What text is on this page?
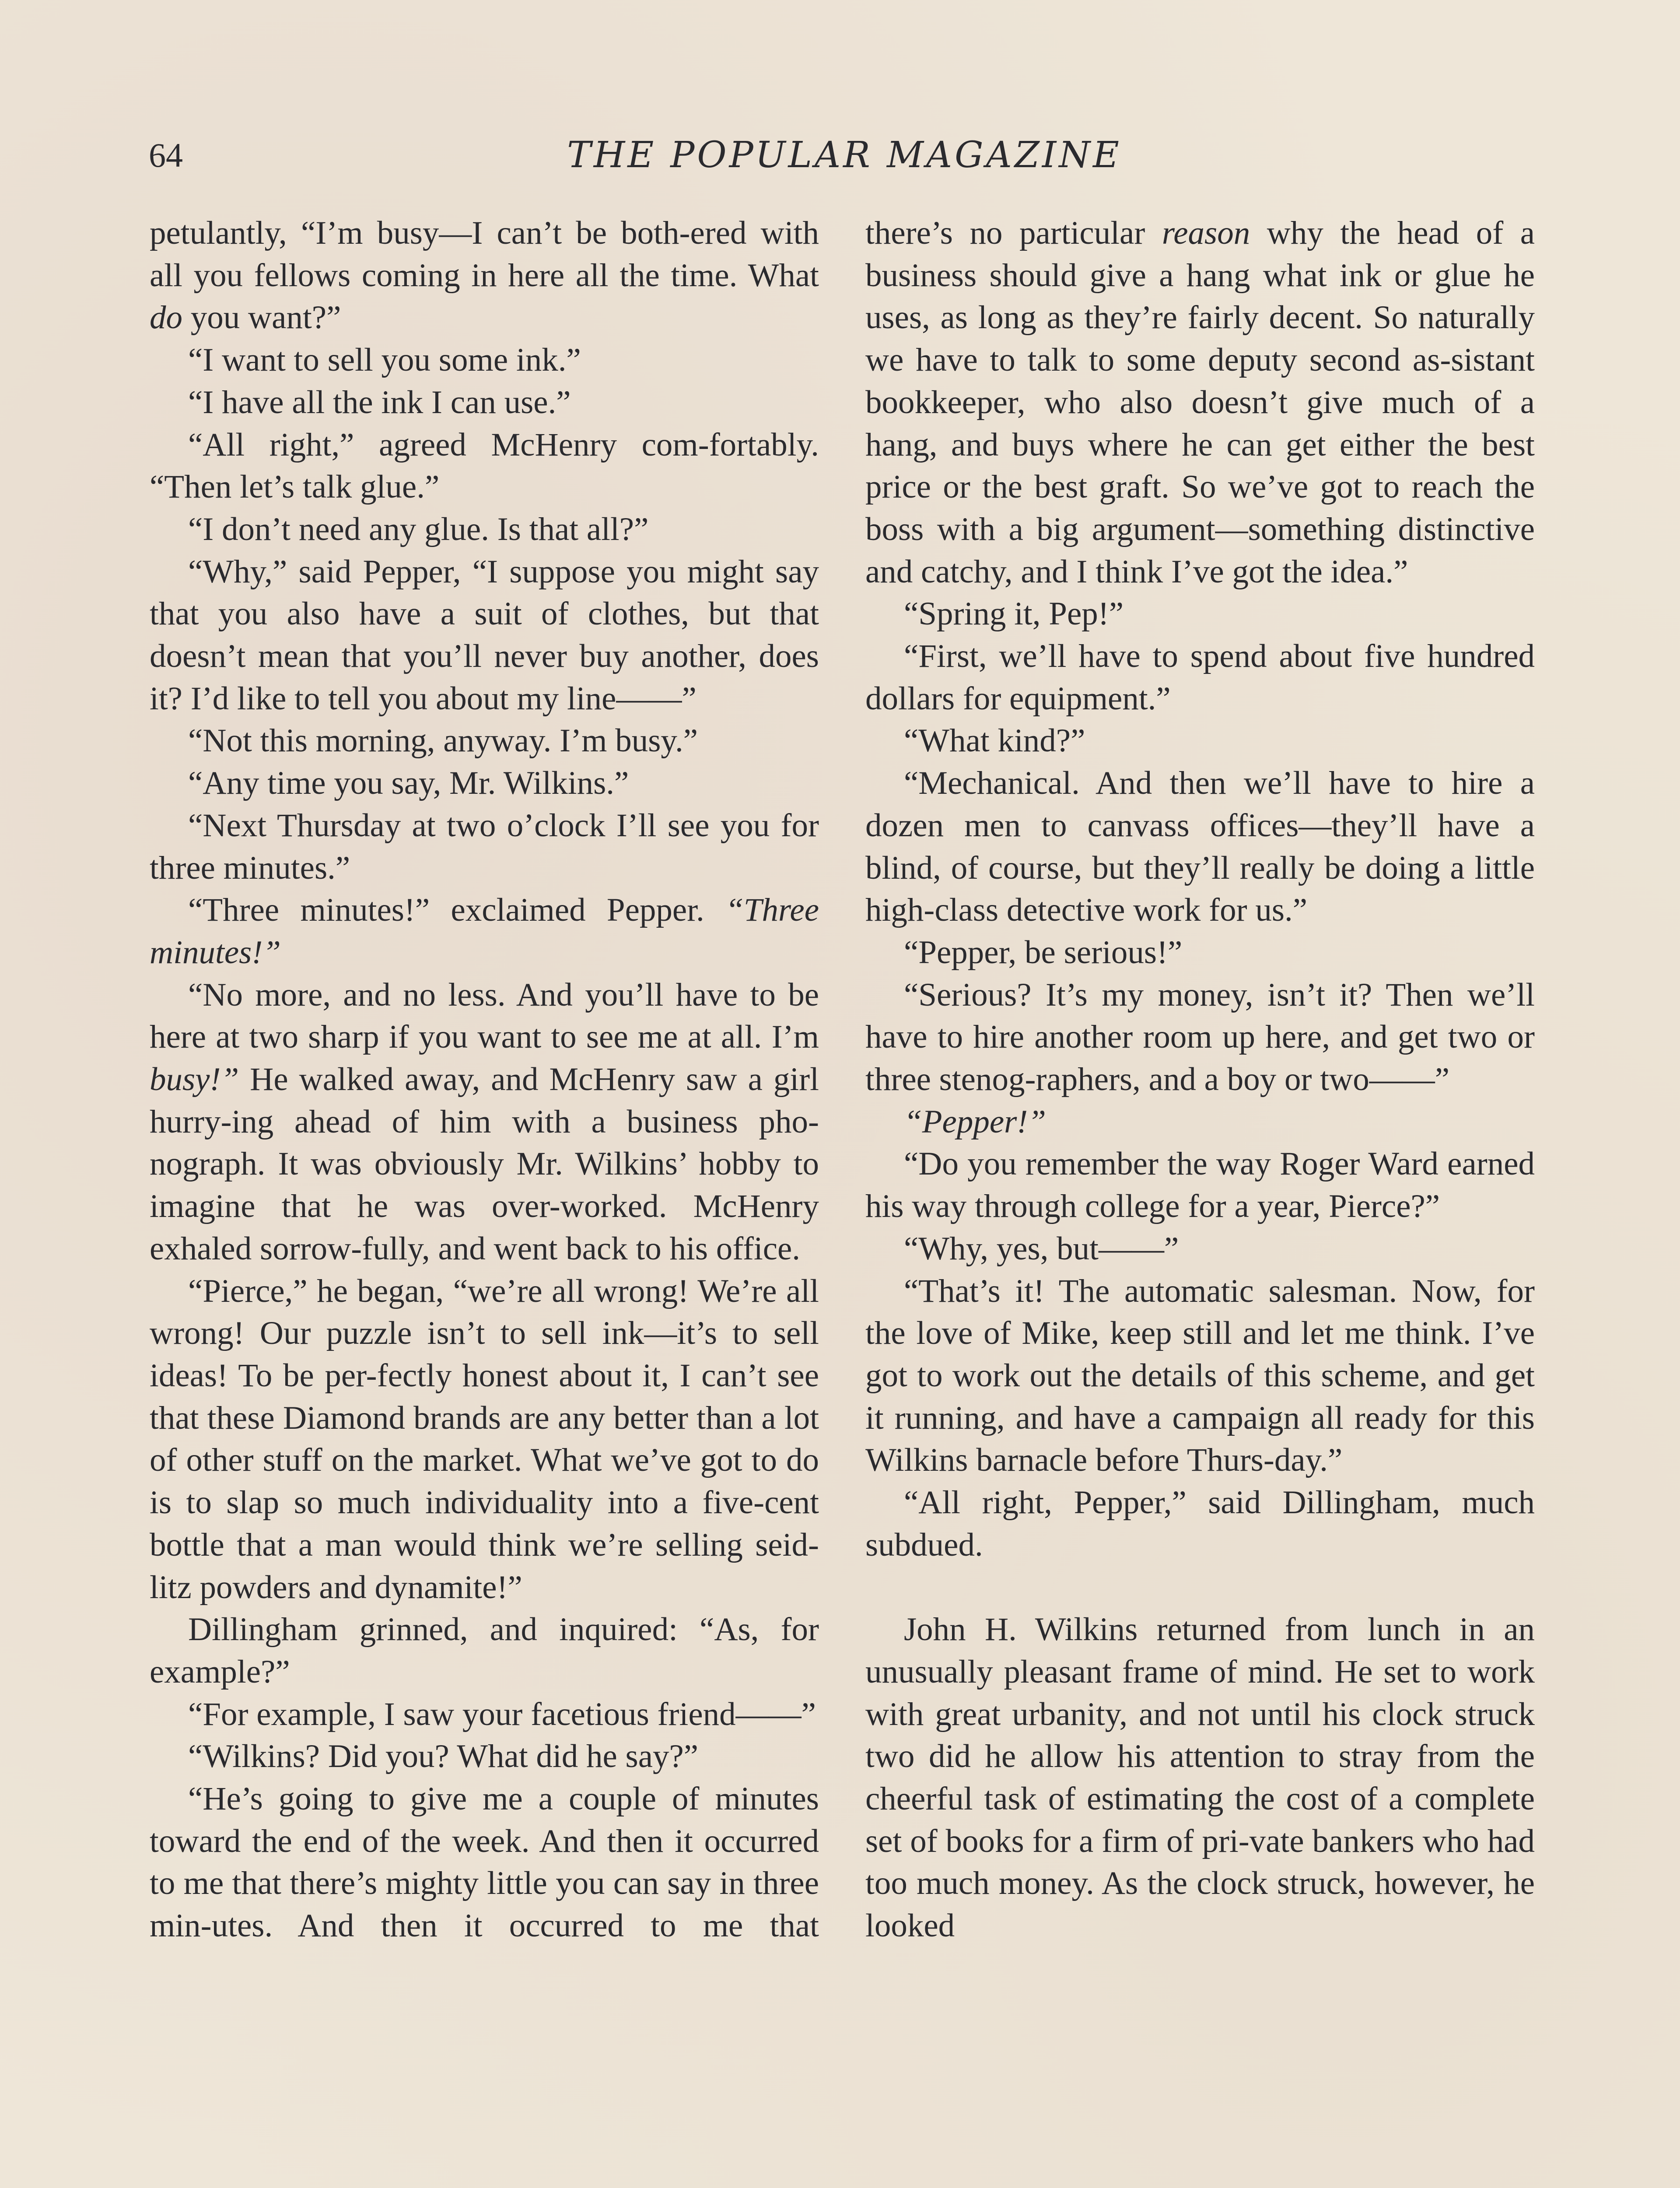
64	THE POPULAR MAGAZINE

petulantly, “I’m busy—I can’t be both-ered with all you fellows coming in here all the time. What do you want?”

“I want to sell you some ink.”

“I have all the ink I can use.”

“All right,” agreed McHenry com-fortably. “Then let’s talk glue.”

“I don’t need any glue. Is that all?”

“Why,” said Pepper, “I suppose you might say that you also have a suit of clothes, but that doesn’t mean that you’ll never buy another, does it? I’d like to tell you about my line——”

“Not this morning, anyway. I’m busy.”

“Any time you say, Mr. Wilkins.”

“Next Thursday at two o’clock I’ll see you for three minutes.”

“Three minutes!” exclaimed Pepper. “Three minutes!”

“No more, and no less. And you’ll have to be here at two sharp if you want to see me at all. I’m busy!” He walked away, and McHenry saw a girl hurry-ing ahead of him with a business pho-nograph. It was obviously Mr. Wilkins’ hobby to imagine that he was over-worked. McHenry exhaled sorrow-fully, and went back to his office.

“Pierce,” he began, “we’re all wrong! We’re all wrong! Our puzzle isn’t to sell ink—it’s to sell ideas! To be per-fectly honest about it, I can’t see that these Diamond brands are any better than a lot of other stuff on the market. What we’ve got to do is to slap so much individuality into a five-cent bottle that a man would think we’re selling seid-litz powders and dynamite!”

Dillingham grinned, and inquired: “As, for example?”

“For example, I saw your facetious friend——”

“Wilkins? Did you? What did he say?”

“He’s going to give me a couple of minutes toward the end of the week. And then it occurred to me that there’s mighty little you can say in three min-utes. And then it occurred to me that

there’s no particular reason why the head of a business should give a hang what ink or glue he uses, as long as they’re fairly decent. So naturally we have to talk to some deputy second as-sistant bookkeeper, who also doesn’t give much of a hang, and buys where he can get either the best price or the best graft. So we’ve got to reach the boss with a big argument—something distinctive and catchy, and I think I’ve got the idea.”

“Spring it, Pep!”

“First, we’ll have to spend about five hundred dollars for equipment.”

“What kind?”

“Mechanical. And then we’ll have to hire a dozen men to canvass offices—they’ll have a blind, of course, but they’ll really be doing a little high-class detective work for us.”

“Pepper, be serious!”

“Serious? It’s my money, isn’t it? Then we’ll have to hire another room up here, and get two or three stenog-raphers, and a boy or two——”

“Pepper!”

“Do you remember the way Roger Ward earned his way through college for a year, Pierce?”

“Why, yes, but——”

“That’s it! The automatic salesman. Now, for the love of Mike, keep still and let me think. I’ve got to work out the details of this scheme, and get it running, and have a campaign all ready for this Wilkins barnacle before Thurs-day.”

“All right, Pepper,” said Dillingham, much subdued.

John H. Wilkins returned from lunch in an unusually pleasant frame of mind. He set to work with great urbanity, and not until his clock struck two did he allow his attention to stray from the cheerful task of estimating the cost of a complete set of books for a firm of pri-vate bankers who had too much money. As the clock struck, however, he looked
